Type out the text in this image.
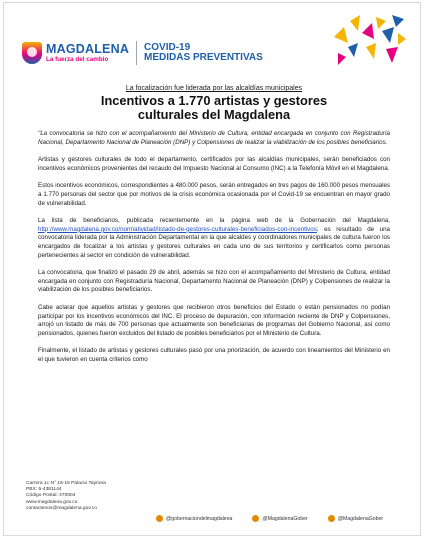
MAGDALENA
La fuerza del cambio
COVID-19
MEDIDAS PREVENTIVAS

La focalización fue liderada por las alcaldías municipales

Incentivos a 1.770 artistas y gestores
culturales del Magdalena

"La convocatoria se hizo con el acompañamiento del Ministerio de Cultura, entidad encargada en conjunto con Registraduría Nacional, Departamento Nacional de Planeación (DNP) y Colpensiones de realizar la viabilización de los posibles beneficiarios.

Artistas y gestores culturales de todo el departamento, certificados por las alcaldías municipales, serán beneficiados con incentivos económicos provenientes del recaudo del Impuesto Nacional al Consumo (INC) a la Telefonía Móvil en el Magdalena.

Estos incentivos económicos, correspondientes a 480.000 pesos, serán entregados en tres pagos de 160.000 pesos mensuales a 1.770 personas del sector que por motivos de la crisis económica ocasionada por el Covid-19 se encuentran en mayor grado de vulnerabilidad.

La lista de beneficiarios, publicada recientemente en la página web de la Gobernación del Magdalena, http://www.magdalena.gov.co/normatividad/listado-de-gestores-culturales-beneficiados-con-incentivos; es resultado de una convocatoria liderada por la Administración Departamental en la que alcaldes y coordinadores municipales de cultura fueron los encargados de focalizar a los artistas y gestores culturales en cada uno de sus territorios y certificarlos como personas pertenecientes al sector en condición de vulnerabilidad.

La convocatoria, que finalizó el pasado 29 de abril, además se hizo con el acompañamiento del Ministerio de Cultura, entidad encargada en conjunto con Registraduría Nacional, Departamento Nacional de Planeación (DNP) y Colpensiones de realizar la viabilización de los posibles beneficiarios.

Cabe aclarar que aquellos artistas y gestores que recibieron otros beneficios del Estado o están pensionados no podían participar por los incentivos económicos del INC. El proceso de depuración, con información reciente de DNP y Colpensiones, arrojó un listado de más de 700 personas que actualmente son beneficiarias de programas del Gobierno Nacional, así como pensionados, quienes fueron excluidos del listado de posibles beneficiarios por el Ministerio de Cultura.

Finalmente, el listado de artistas y gestores culturales pasó por una priorización, de acuerdo con lineamientos del Ministerio en el que tuvieron en cuenta criterios como

Carrera 1c N° 16-15 Palacio Tayrona
PBX: 5-4381144
Código Postal: 470004
www.magdalena.gov.co
contactenos@magdalena.gov.co
@gobernaciondelmagdalena	@MagdalenaGober	@MagdalenaGober
